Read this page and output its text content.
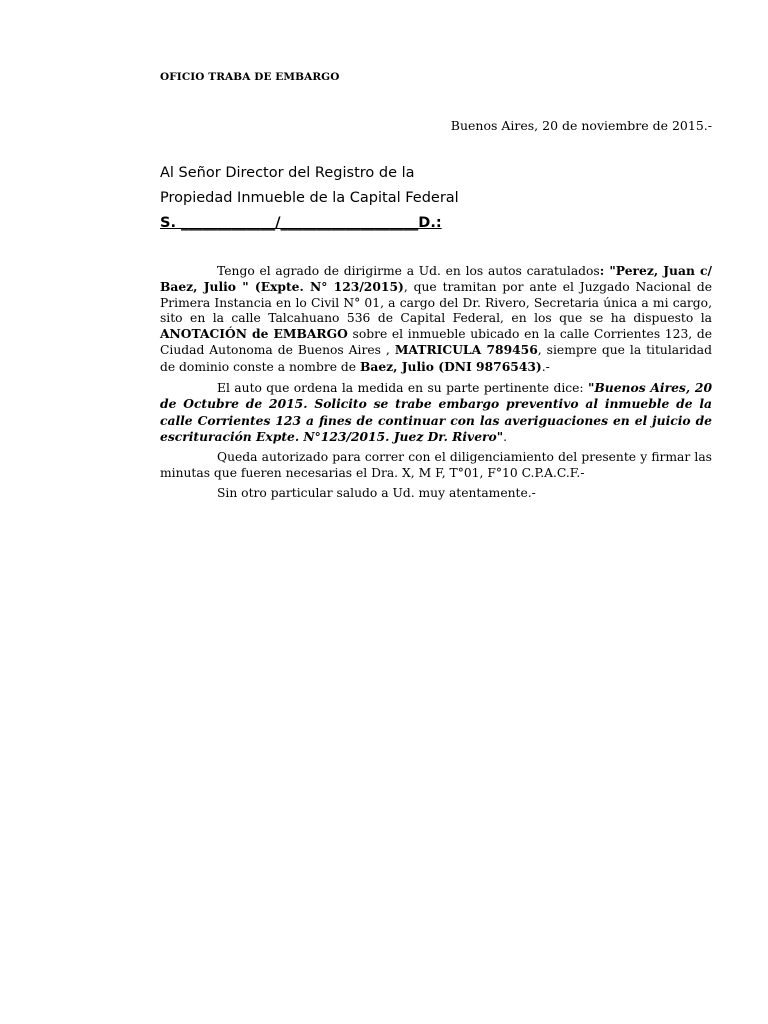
OFICIO TRABA DE EMBARGO
Buenos Aires, 20 de noviembre de 2015.-
Al Señor Director del Registro de la
Propiedad Inmueble de la Capital Federal
S. _____________/___________________D.:

Tengo el agrado de dirigirme a Ud. en los autos caratulados: "Perez, Juan c/ Baez, Julio " (Expte. N° 123/2015), que tramitan por ante el Juzgado Nacional de Primera Instancia en lo Civil N° 01, a cargo del Dr. Rivero, Secretaria única a mi cargo, sito en la calle Talcahuano 536 de Capital Federal, en los que se ha dispuesto la ANOTACIÓN de EMBARGO sobre el inmueble ubicado en la calle Corrientes 123, de Ciudad Autonoma de Buenos Aires , MATRICULA 789456, siempre que la titularidad de dominio conste a nombre de Baez, Julio (DNI 9876543).-

El auto que ordena la medida en su parte pertinente dice: "Buenos Aires, 20 de Octubre de 2015. Solicito se trabe embargo preventivo al inmueble de la calle Corrientes 123 a fines de continuar con las averiguaciones en el juicio de escrituración Expte. N°123/2015. Juez Dr. Rivero".

Queda autorizado para correr con el diligenciamiento del presente y firmar las minutas que fueren necesarias el Dra. X, M F, T°01, F°10 C.P.A.C.F.-

Sin otro particular saludo a Ud. muy atentamente.-
